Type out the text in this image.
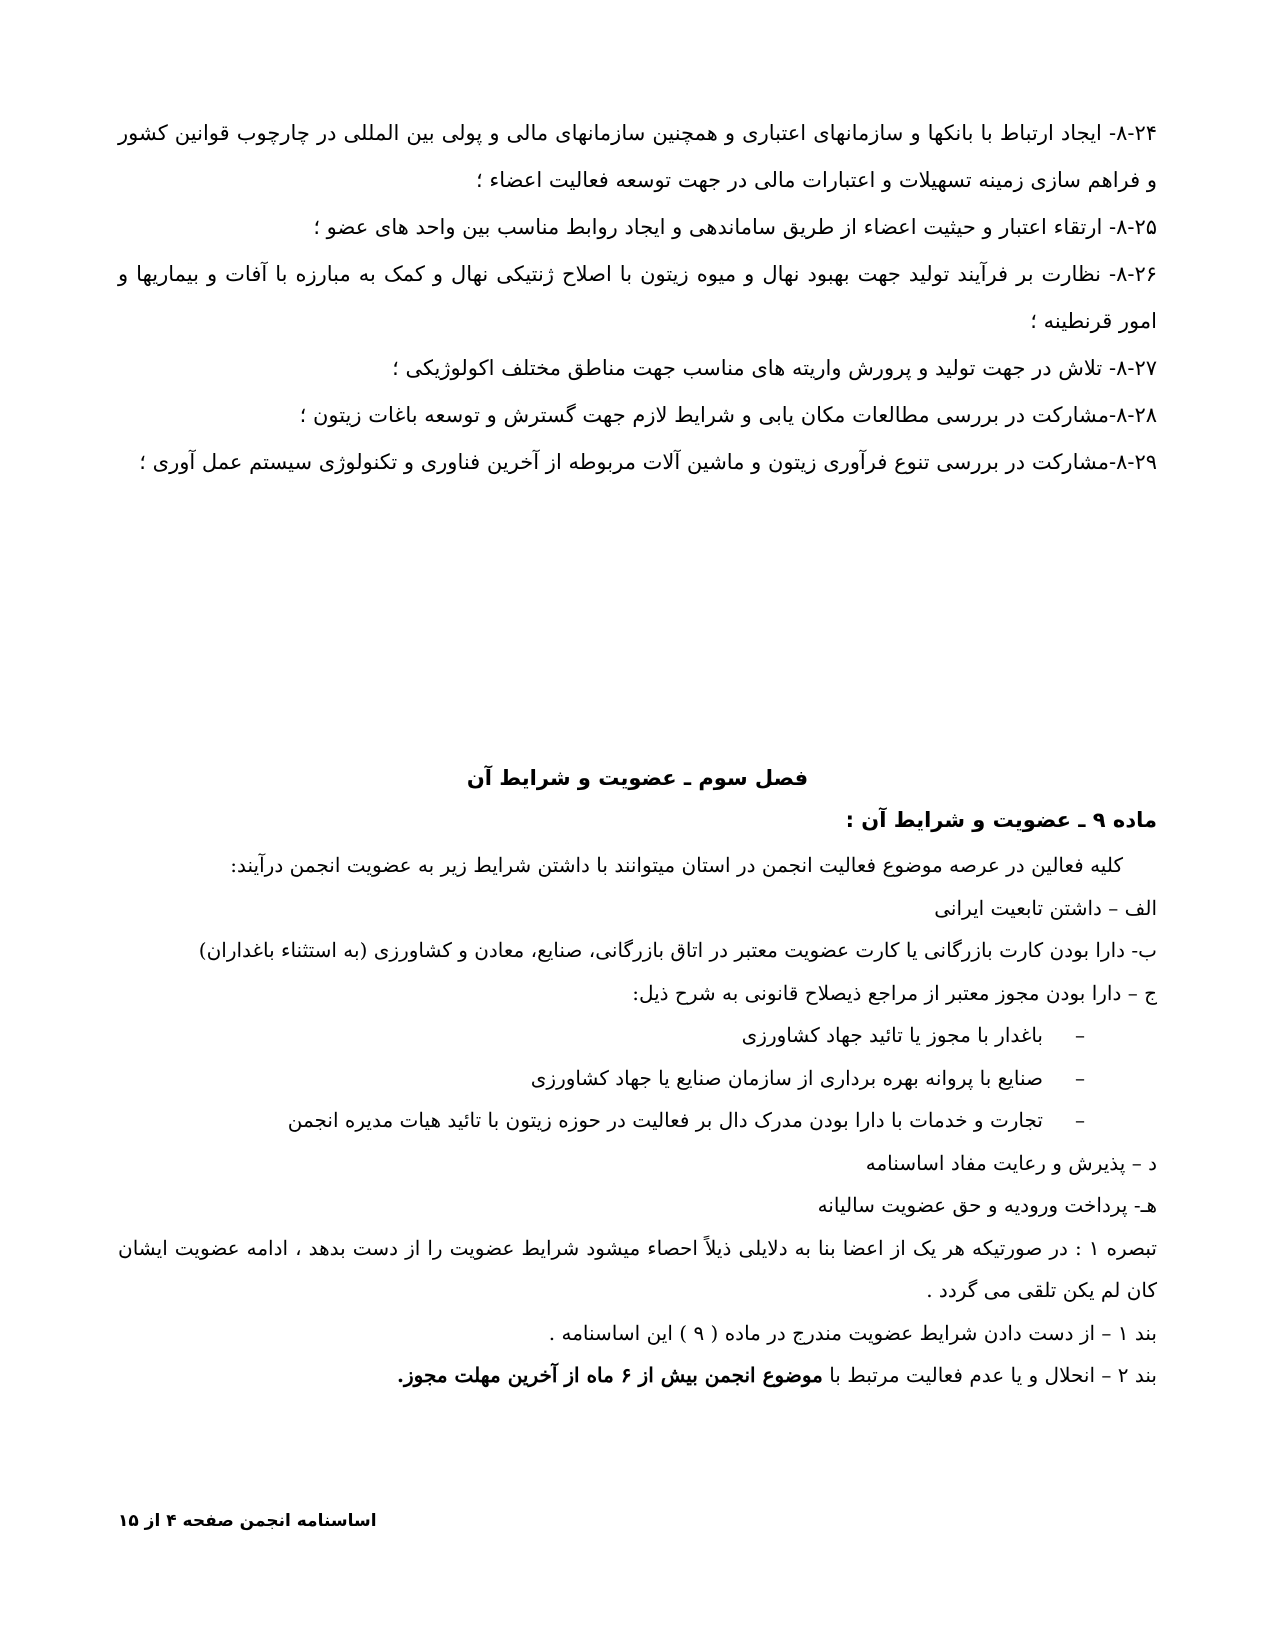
۸-۲۴- ایجاد ارتباط با بانکها و سازمانهای اعتباری و همچنین سازمانهای مالی و پولی بین المللی در چارچوب قوانین کشور و فراهم سازی زمینه تسهیلات و اعتبارات مالی در جهت توسعه فعالیت اعضاء ؛

۸-۲۵- ارتقاء اعتبار و حیثیت اعضاء از طریق ساماندهی و ایجاد روابط مناسب بین واحد های عضو ؛

۸-۲۶- نظارت بر فرآیند تولید جهت بهبود نهال و میوه زیتون با اصلاح ژنتیکی نهال و کمک به مبارزه با آفات و بیماریها و امور قرنطینه ؛

۸-۲۷- تلاش در جهت تولید و پرورش واریته های مناسب جهت مناطق مختلف اکولوژیکی ؛

۸-۲۸-مشارکت در بررسی مطالعات مکان یابی و شرایط لازم جهت گسترش و توسعه باغات زیتون ؛

۸-۲۹-مشارکت در بررسی تنوع فرآوری زیتون و ماشین آلات مربوطه از آخرین فناوری و تکنولوژی سیستم عمل آوری ؛

فصل سوم ـ عضویت و شرایط آن
ماده ۹ ـ عضویت و شرایط آن :

کلیه فعالین در عرصه موضوع فعالیت انجمن در استان میتوانند با داشتن شرایط زیر به عضویت انجمن درآیند:

الف – داشتن تابعیت ایرانی

ب- دارا بودن کارت بازرگانی یا کارت عضویت معتبر در اتاق بازرگانی، صنایع، معادن و کشاورزی (به استثناء باغداران)

ج – دارا بودن مجوز معتبر از مراجع ذیصلاح قانونی به شرح ذیل:

–باغدار با مجوز یا تائید جهاد کشاورزی

–صنایع با پروانه بهره برداری از سازمان صنایع یا جهاد کشاورزی

–تجارت و خدمات با دارا بودن مدرک دال بر فعالیت در حوزه زیتون با تائید هیات مدیره انجمن

د – پذیرش و رعایت مفاد اساسنامه

هـ- پرداخت ورودیه و حق عضویت سالیانه

تبصره ۱ : در صورتیکه هر یک از اعضا بنا به دلایلی ذیلاً احصاء میشود شرایط عضویت را از دست بدهد ، ادامه عضویت ایشان کان لم یکن تلقی می گردد .

بند ۱ – از دست دادن شرایط عضویت مندرج در ماده ( ۹ ) این اساسنامه .

بند ۲ – انحلال و یا عدم فعالیت مرتبط با موضوع انجمن بیش از ۶ ماه از آخرین مهلت مجوز.

اساسنامه انجمن صفحه ۴ از ۱۵
